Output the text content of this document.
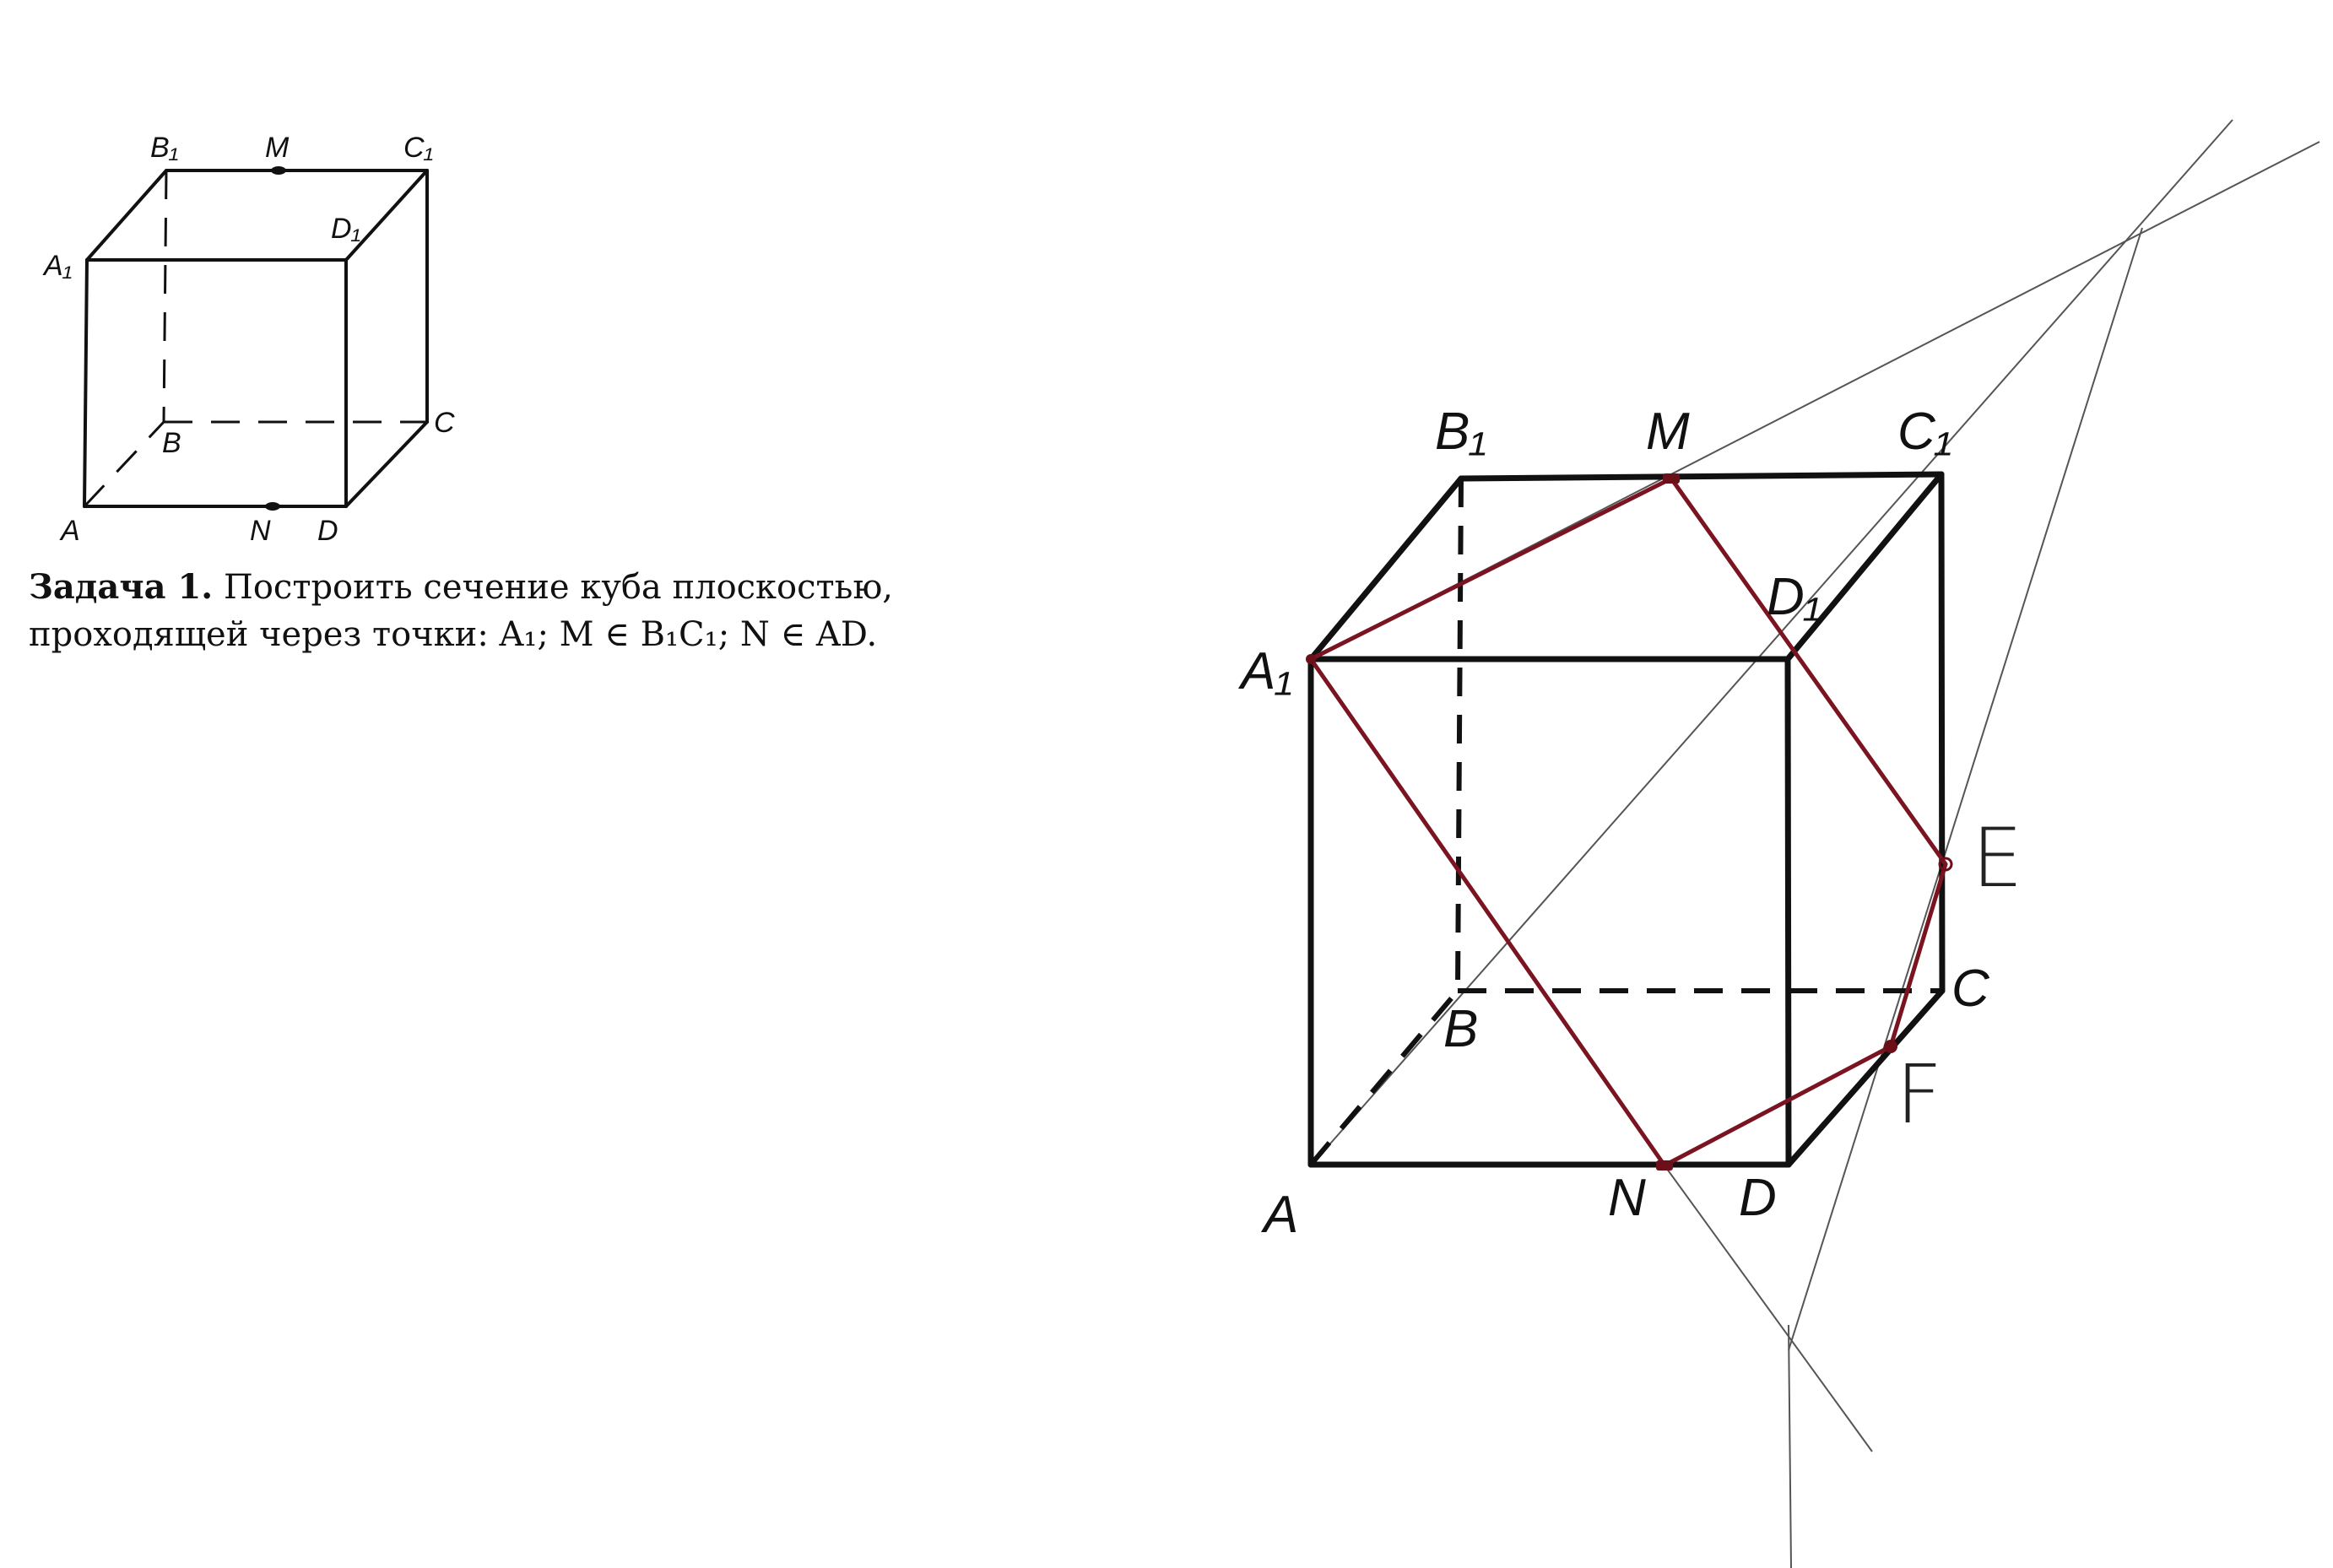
B₁	M	C₁
D₁
A₁
B
C
A	N D
B₁	M	C₁
D₁
A₁
C
B
A	N D
E
F
Задача 1. Построить сечение куба плоскостью, проходящей через точки: A₁; M ∈ B₁C₁; N ∈ AD.
